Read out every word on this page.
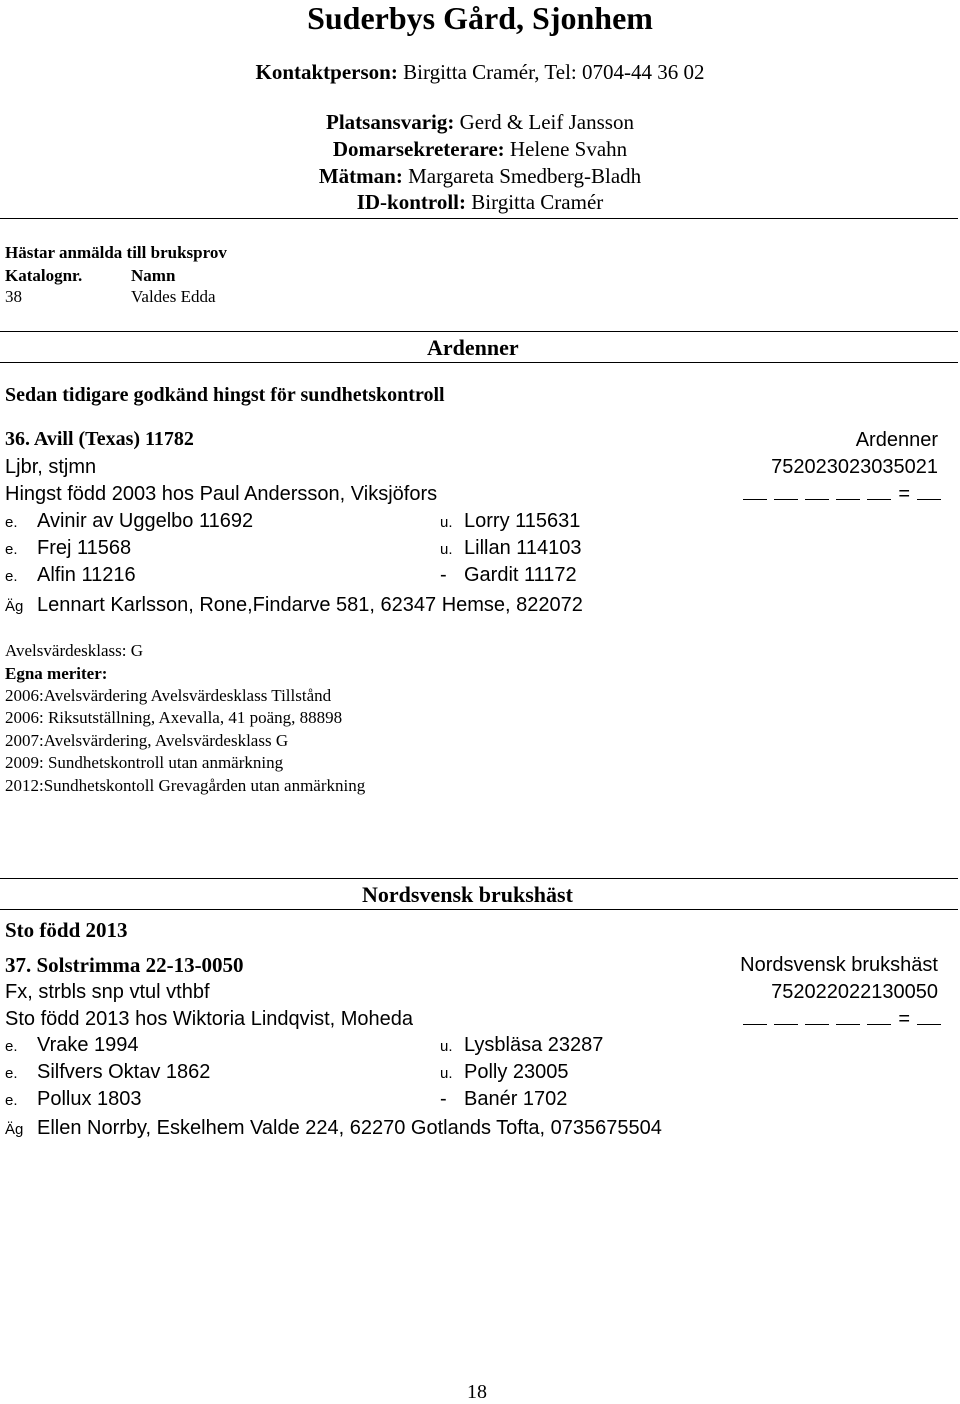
Suderbys Gård, Sjonhem
Kontaktperson: Birgitta Cramér, Tel: 0704-44 36 02
Platsansvarig: Gerd & Leif Jansson
Domarsekreterare: Helene Svahn
Mätman: Margareta Smedberg-Bladh
ID-kontroll: Birgitta Cramér
Hästar anmälda till bruksprov
Katalognr.	Namn
38	Valdes Edda
Ardenner
Sedan tidigare godkänd hingst för sundhetskontroll
36. Avill (Texas) 11782	Ardenner
Ljbr, stjmn	752023023035021
Hingst född 2003 hos Paul Andersson, Viksjöfors	=
e. Avinir av Uggelbo 11692	u. Lorry 115631
e. Frej 11568	u. Lillan 114103
e. Alfin 11216	- Gardit 11172
Äg Lennart Karlsson, Rone,Findarve 581, 62347 Hemse, 822072
Avelsvärdesklass: G
Egna meriter:
2006:Avelsvärdering Avelsvärdesklass Tillstånd
2006: Riksutställning, Axevalla, 41 poäng, 88898
2007:Avelsvärdering, Avelsvärdesklass G
2009: Sundhetskontroll utan anmärkning
2012:Sundhetskontoll Grevagården utan anmärkning
Nordsvensk brukshäst
Sto född 2013
37. Solstrimma 22-13-0050	Nordsvensk brukshäst
Fx, strbls snp vtul vthbf	752022022130050
Sto född 2013 hos Wiktoria Lindqvist, Moheda	=
e. Vrake 1994	u. Lysbläsa 23287
e. Silfvers Oktav 1862	u. Polly 23005
e. Pollux 1803	- Banér 1702
Äg Ellen Norrby, Eskelhem Valde 224, 62270 Gotlands Tofta, 0735675504
18
